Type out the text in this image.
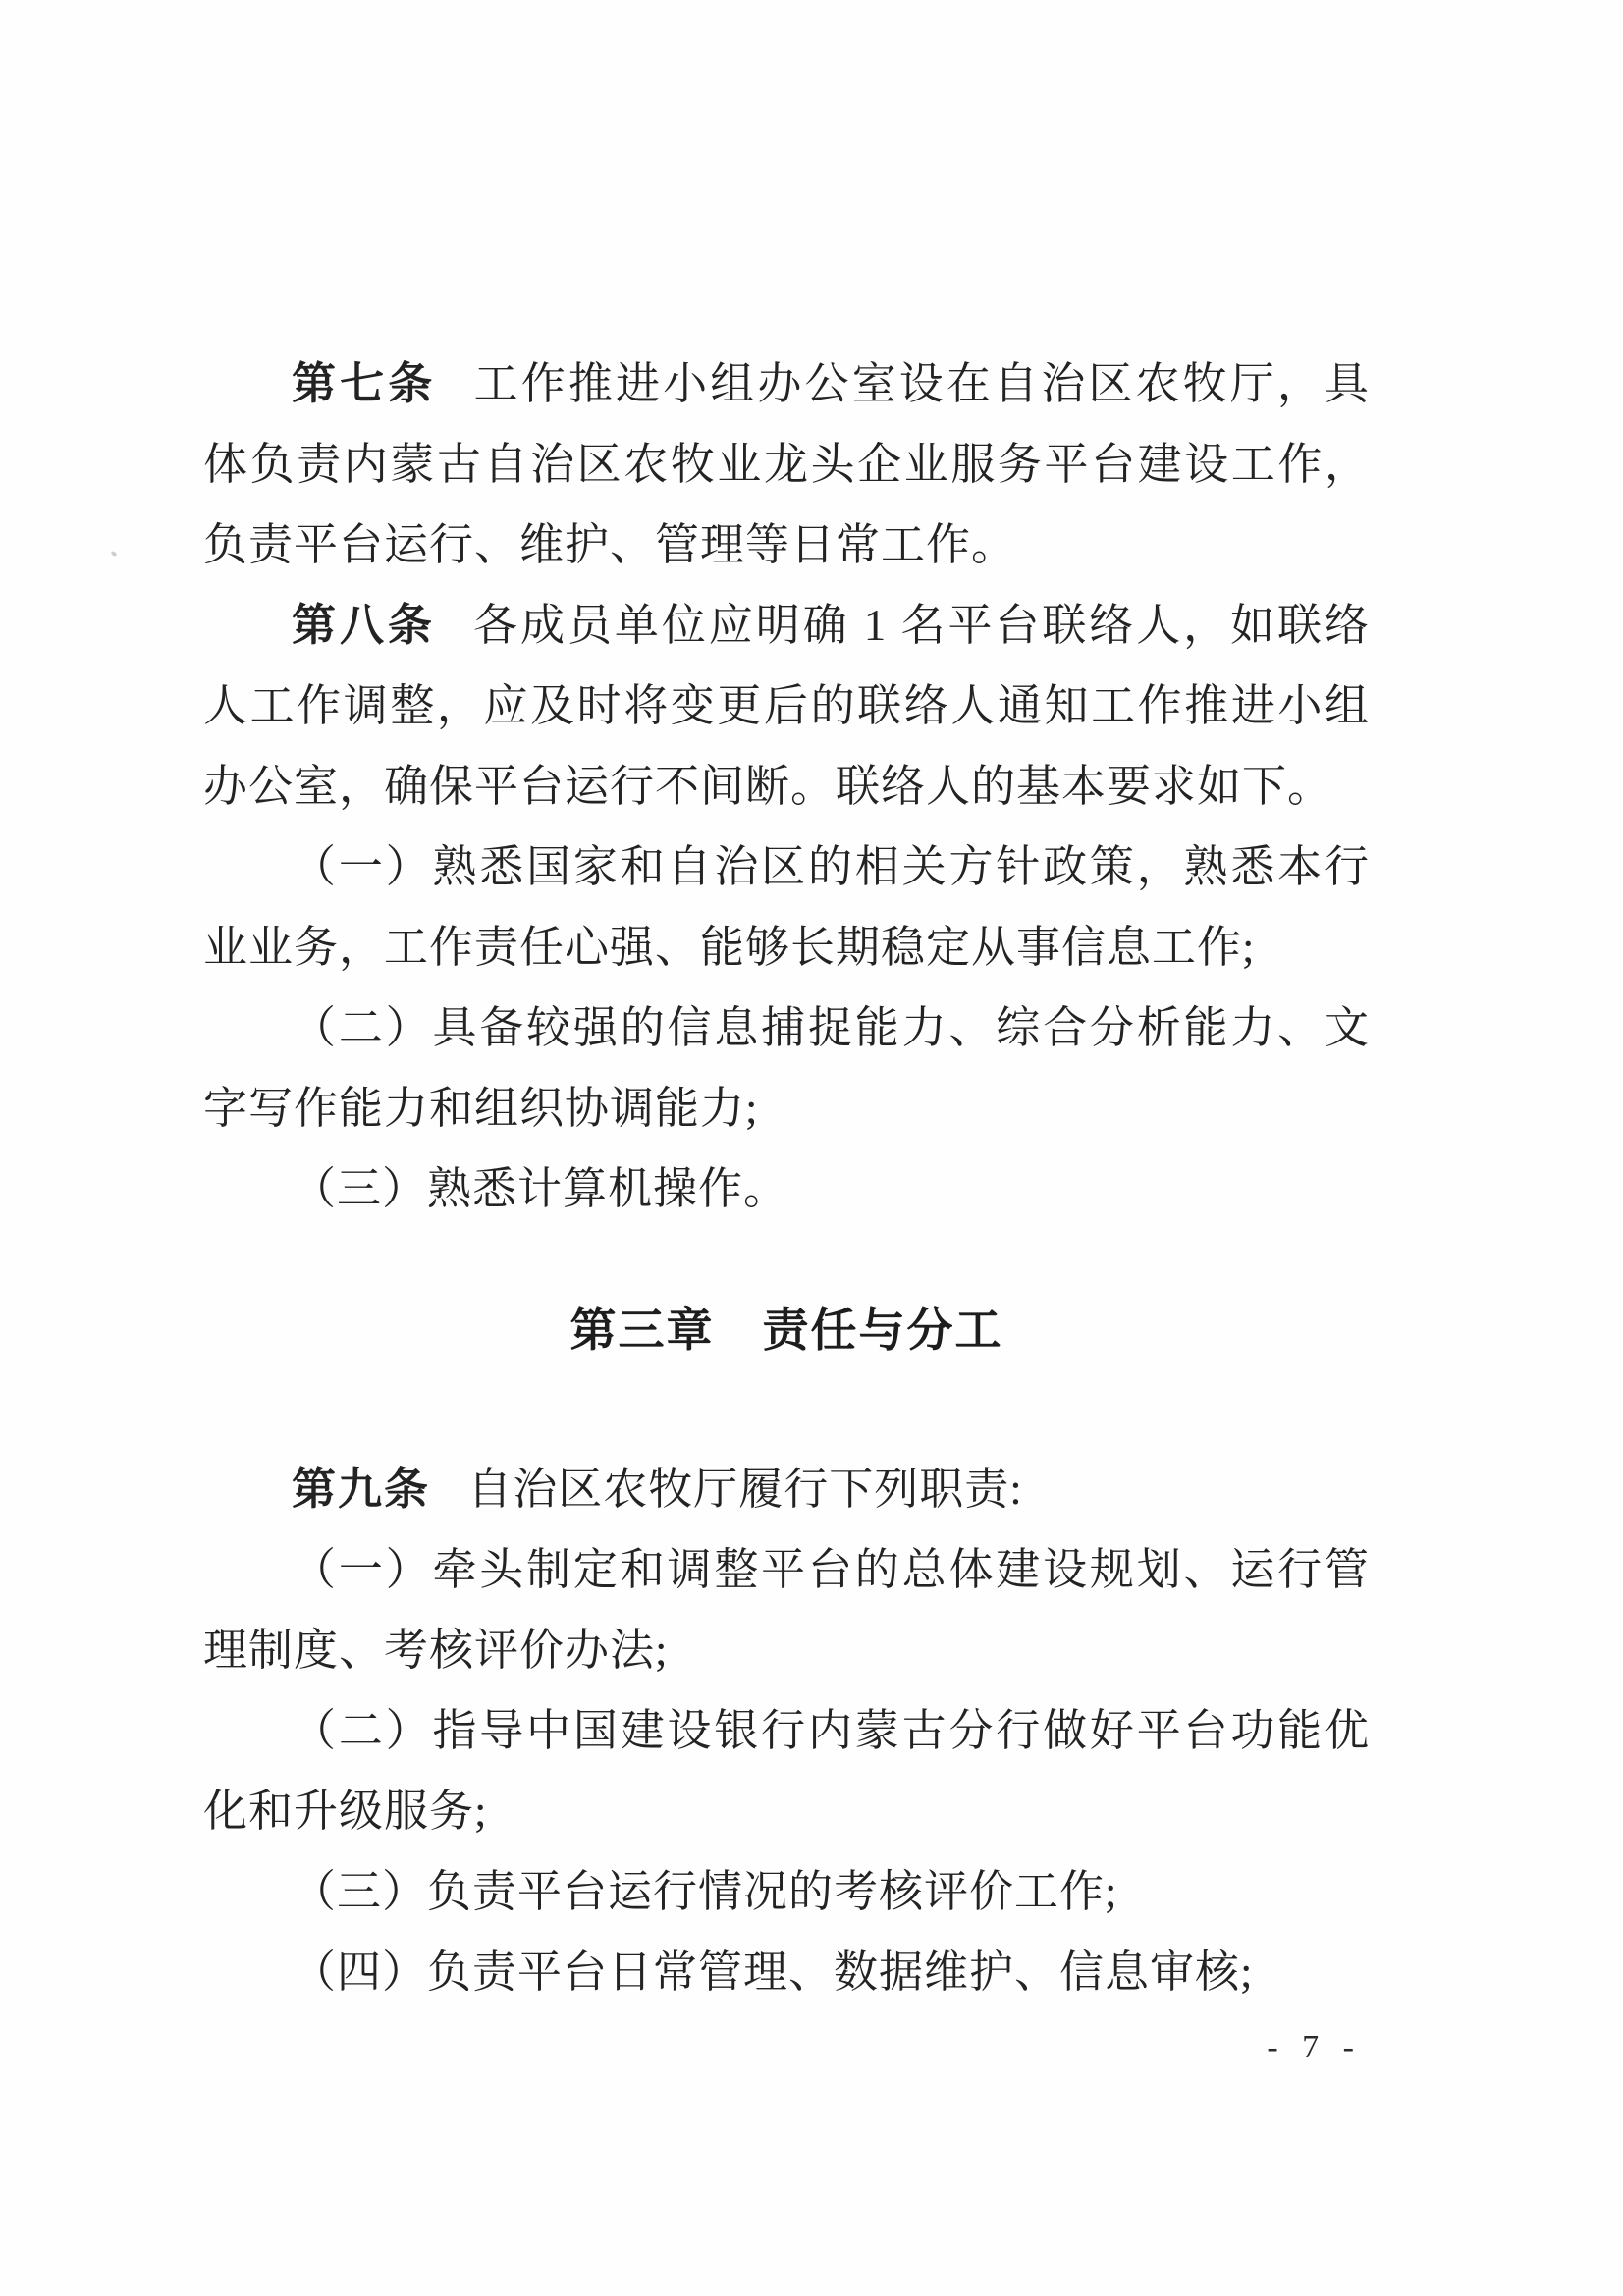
第七条 工作推进小组办公室设在自治区农牧厅，具体负责内蒙古自治区农牧业龙头企业服务平台建设工作，负责平台运行、维护、管理等日常工作。

第八条 各成员单位应明确 1 名平台联络人，如联络人工作调整，应及时将变更后的联络人通知工作推进小组办公室，确保平台运行不间断。联络人的基本要求如下。

（一）熟悉国家和自治区的相关方针政策，熟悉本行业业务，工作责任心强、能够长期稳定从事信息工作;

（二）具备较强的信息捕捉能力、综合分析能力、文字写作能力和组织协调能力;

（三）熟悉计算机操作。

第三章　责任与分工

第九条 自治区农牧厅履行下列职责:

（一）牵头制定和调整平台的总体建设规划、运行管理制度、考核评价办法;

（二）指导中国建设银行内蒙古分行做好平台功能优化和升级服务;

（三）负责平台运行情况的考核评价工作;

（四）负责平台日常管理、数据维护、信息审核;

- 7 -
